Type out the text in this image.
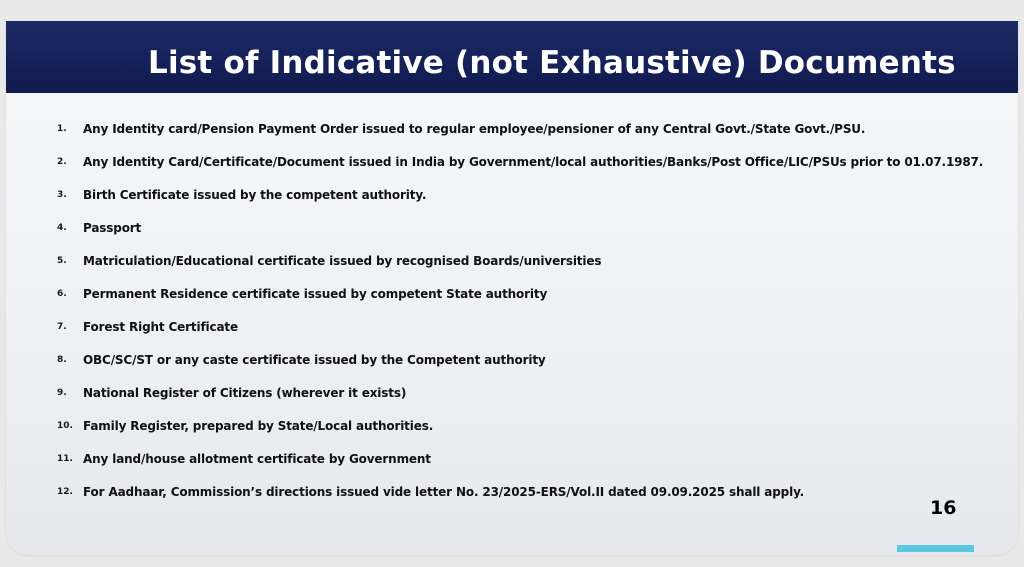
List of Indicative (not Exhaustive) Documents
1. Any Identity card/Pension Payment Order issued to regular employee/pensioner of any Central Govt./State Govt./PSU.
2. Any Identity Card/Certificate/Document issued in India by Government/local authorities/Banks/Post Office/LIC/PSUs prior to 01.07.1987.
3. Birth Certificate issued by the competent authority.
4. Passport
5. Matriculation/Educational certificate issued by recognised Boards/universities
6. Permanent Residence certificate issued by competent State authority
7. Forest Right Certificate
8. OBC/SC/ST or any caste certificate issued by the Competent authority
9. National Register of Citizens (wherever it exists)
10. Family Register, prepared by State/Local authorities.
11. Any land/house allotment certificate by Government
12. For Aadhaar, Commission’s directions issued vide letter No. 23/2025-ERS/Vol.II dated 09.09.2025 shall apply.
16
